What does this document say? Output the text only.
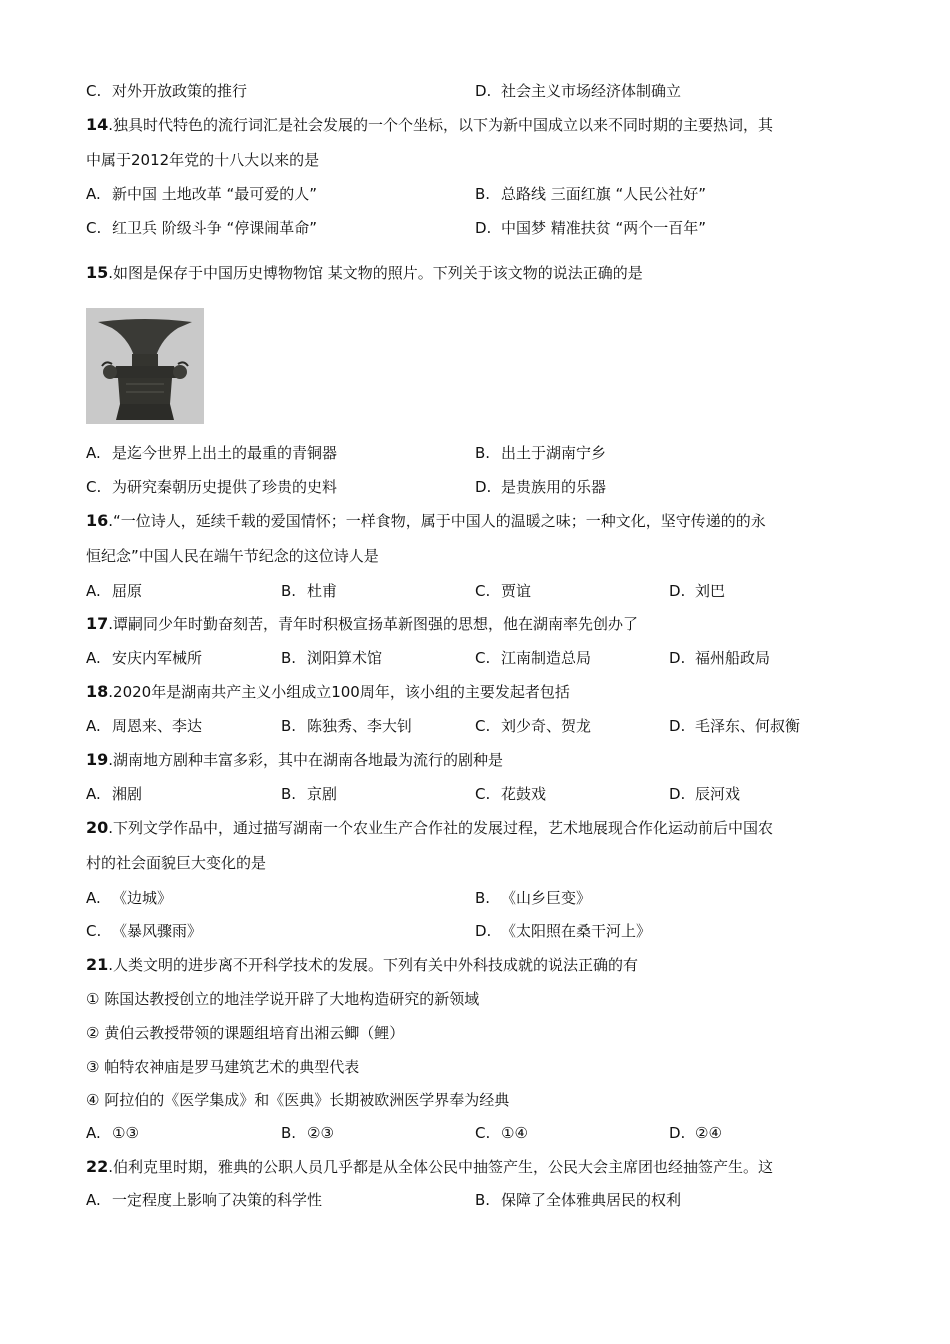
C. 对外开放政策的推行	D. 社会主义市场经济体制确立
14.独具时代特色的流行词汇是社会发展的一个个坐标，以下为新中国成立以来不同时期的主要热词，其
中属于2012年党的十八大以来的是
A. 新中国 土地改革 “最可爱的人”	B. 总路线 三面红旗 “人民公社好”
C. 红卫兵 阶级斗争 “停课闹革命”	D. 中国梦 精准扶贫 “两个一百年”
15.如图是保存于中国历史博物物馆 某文物的照片。下列关于该文物的说法正确的是
A. 是迄今世界上出土的最重的青铜器	B. 出土于湖南宁乡
C. 为研究秦朝历史提供了珍贵的史料	D. 是贵族用的乐器
16.“一位诗人，延续千载的爱国情怀；一样食物，属于中国人的温暖之味；一种文化，坚守传递的的永
恒纪念”中国人民在端午节纪念的这位诗人是
A. 屈原	B. 杜甫	C. 贾谊	D. 刘巴
17.谭嗣同少年时勤奋刻苦，青年时积极宣扬革新图强的思想，他在湖南率先创办了
A. 安庆内军械所	B. 浏阳算术馆	C. 江南制造总局	D. 福州船政局
18.2020年是湖南共产主义小组成立100周年，该小组的主要发起者包括
A. 周恩来、李达	B. 陈独秀、李大钊	C. 刘少奇、贺龙	D. 毛泽东、何叔衡
19.湖南地方剧种丰富多彩，其中在湖南各地最为流行的剧种是
A. 湘剧	B. 京剧	C. 花鼓戏	D. 辰河戏
20.下列文学作品中，通过描写湖南一个农业生产合作社的发展过程，艺术地展现合作化运动前后中国农
村的社会面貌巨大变化的是
A. 《边城》	B. 《山乡巨变》
C. 《暴风骤雨》	D. 《太阳照在桑干河上》
21.人类文明的进步离不开科学技术的发展。下列有关中外科技成就的说法正确的有
① 陈国达教授创立的地洼学说开辟了大地构造研究的新领域
② 黄伯云教授带领的课题组培育出湘云鲫（鲤）
③ 帕特农神庙是罗马建筑艺术的典型代表
④ 阿拉伯的《医学集成》和《医典》长期被欧洲医学界奉为经典
A. ①③	B. ②③	C. ①④	D. ②④
22.伯利克里时期，雅典的公职人员几乎都是从全体公民中抽签产生，公民大会主席团也经抽签产生。这
A. 一定程度上影响了决策的科学性	B. 保障了全体雅典居民的权利
